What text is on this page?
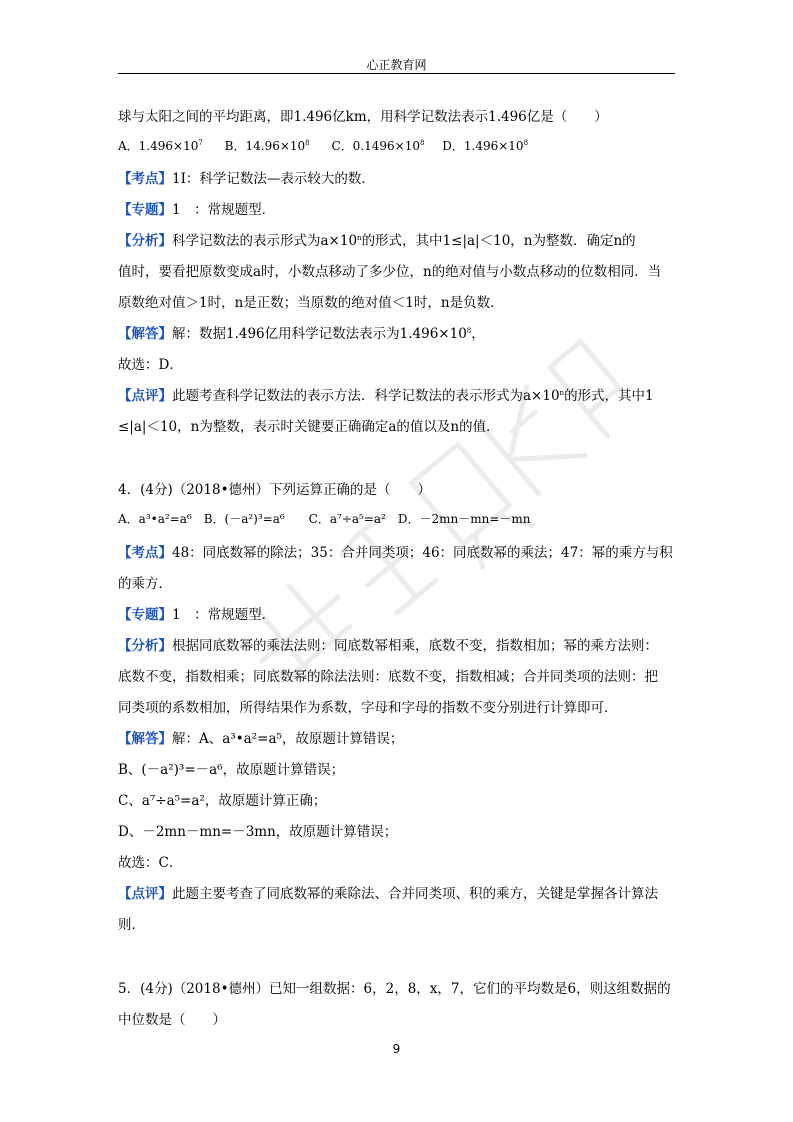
心正教育网
球与太阳之间的平均距离，即1.496亿km，用科学记数法表示1.496亿是（　　）
A．$1.496\times 10^7$ B．$14.96\times 10^8$ C．$0.1496\times 10^8$ D．$1.496\times 10^8$
【考点】1I：科学记数法—表示较大的数．
【专题】1　：常规题型．
【分析】科学记数法的表示形式为$a\times 10^n$的形式，其中1≤|a|＜10，n为整数．确定n的
值时，要看把原数变成a时，小数点移动了多少位，n的绝对值与小数点移动的位数相同．当
原数绝对值＞1时，n是正数；当原数的绝对值＜1时，n是负数．
【解答】解：数据1.496亿用科学记数法表示为$1.496\times 10^8$，
故选：D．
【点评】此题考查科学记数法的表示方法．科学记数法的表示形式为$a\times 10^n$的形式，其中1
≤|a|＜10，n为整数，表示时关键要正确确定a的值以及n的值．
4．(4分)（2018•德州）下列运算正确的是（　　）
A．a³•a²=a⁶　B．(－a²)³=a⁶　　C．a⁷÷a⁵=a²　D．－2mn－mn=－mn
【考点】48：同底数幂的除法；35：合并同类项；46：同底数幂的乘法；47：幂的乘方与积
的乘方．
【专题】1　：常规题型．
【分析】根据同底数幂的乘法法则：同底数幂相乘，底数不变，指数相加；幂的乘方法则：
底数不变，指数相乘；同底数幂的除法法则：底数不变，指数相减；合并同类项的法则：把
同类项的系数相加，所得结果作为系数，字母和字母的指数不变分别进行计算即可．
【解答】解：A、a³•a²=a⁵，故原题计算错误；
B、(－a²)³=－a⁶，故原题计算错误；
C、a⁷÷a⁵=a²，故原题计算正确；
D、－2mn－mn=－3mn，故原题计算错误；
故选：C．
【点评】此题主要考查了同底数幂的乘除法、合并同类项、积的乘方，关键是掌握各计算法
则．
5．(4分)（2018•德州）已知一组数据：6，2，8，x，7，它们的平均数是6，则这组数据的
中位数是（　　）
9
